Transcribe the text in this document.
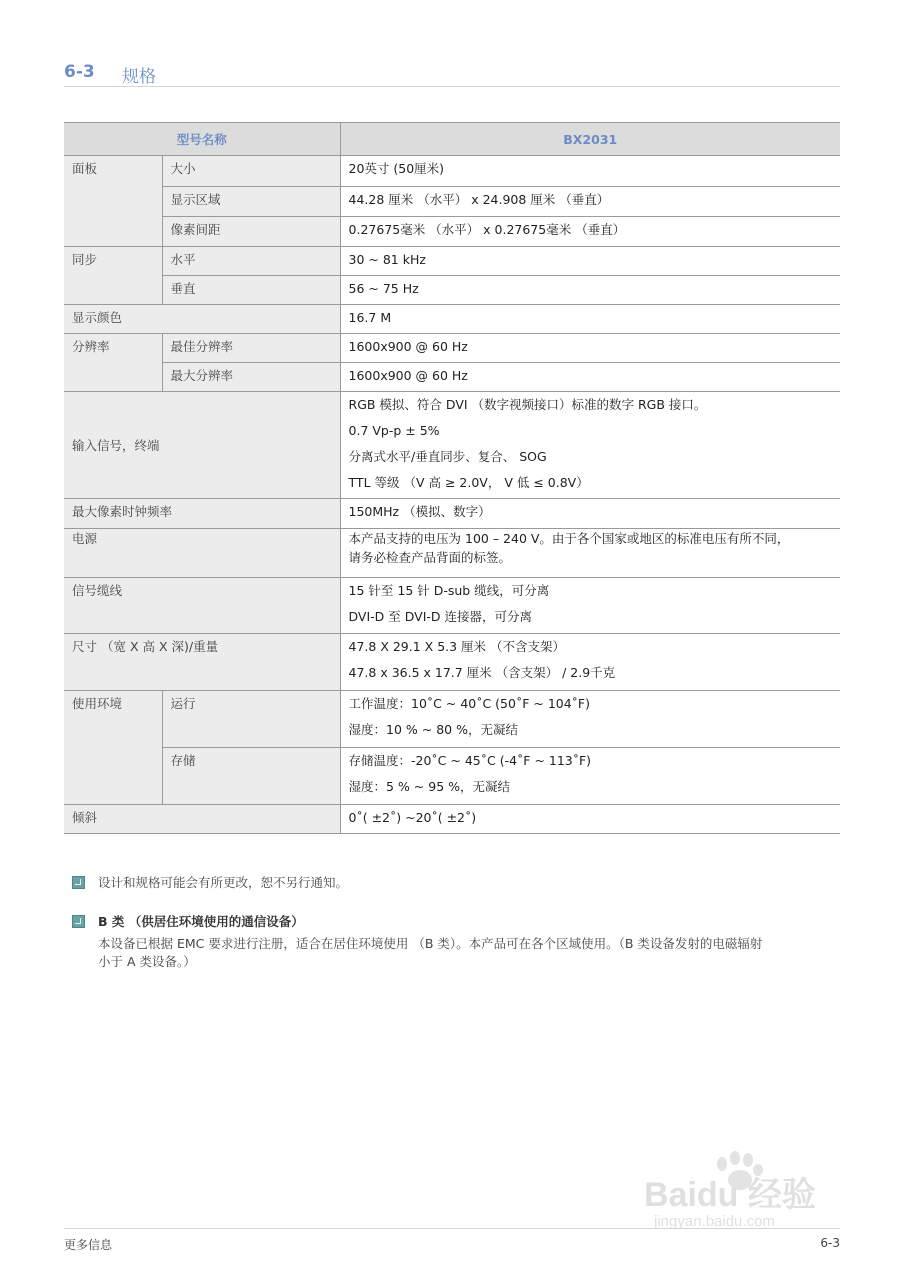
6-3	规格
型号名称		BX2031
面板	大小	20英寸 (50厘米)
	显示区域	44.28 厘米 （水平） x 24.908 厘米 （垂直）
	像素间距	0.27675毫米 （水平） x 0.27675毫米 （垂直）
同步	水平	30 ~ 81 kHz
	垂直	56 ~ 75 Hz
显示颜色		16.7 M
分辨率	最佳分辨率	1600x900 @ 60 Hz
	最大分辨率	1600x900 @ 60 Hz
输入信号，终端		RGB 模拟、符合 DVI （数字视频接口）标准的数字 RGB 接口。
0.7 Vp-p ± 5%
分离式水平/垂直同步、复合、 SOG
TTL 等级 （V 高 ≥ 2.0V， V 低 ≤ 0.8V）

最大像素时钟频率		150MHz （模拟、数字）
电源		本产品支持的电压为 100 – 240 V。由于各个国家或地区的标准电压有所不同，
请务必检查产品背面的标签。

信号缆线		15 针至 15 针 D-sub 缆线，可分离
DVI-D 至 DVI-D 连接器，可分离

尺寸 （宽 X 高 X 深)/重量		47.8 X 29.1 X 5.3 厘米 （不含支架）
47.8 x 36.5 x 17.7 厘米 （含支架） / 2.9千克

使用环境	运行	工作温度：10˚C ~ 40˚C (50˚F ~ 104˚F)
湿度：10 % ~ 80 %，无凝结

	存储	存储温度：-20˚C ~ 45˚C (-4˚F ~ 113˚F)
湿度：5 % ~ 95 %，无凝结

倾斜		0˚( ±2˚) ~20˚( ±2˚)
设计和规格可能会有所更改，恕不另行通知。
B 类 （供居住环境使用的通信设备）
本设备已根据 EMC 要求进行注册，适合在居住环境使用 （B 类）。本产品可在各个区域使用。（B 类设备发射的电磁辐射
小于 A 类设备。）
Baidu 经验
jingyan.baidu.com
更多信息	6-3
